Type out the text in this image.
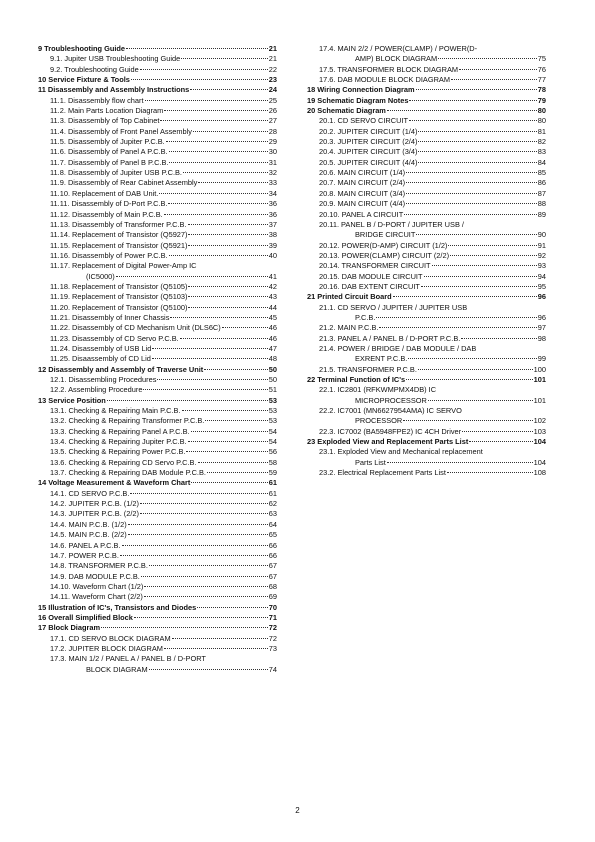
9 Troubleshooting Guide	21
9.1. Jupiter USB Troubleshooting Guide	21
9.2. Troubleshooting Guide	22
10 Service Fixture & Tools	23
11 Disassembly and Assembly Instructions	24
11.1. Disassembly flow chart	25
11.2. Main Parts Location Diagram	26
11.3. Disassembly of Top Cabinet	27
11.4. Disassembly of Front Panel Assembly	28
11.5. Disassembly of Jupiter P.C.B.	29
11.6. Disassembly of Panel A P.C.B.	30
11.7. Disassembly of Panel B P.C.B.	31
11.8. Disassembly of Jupiter USB P.C.B.	32
11.9. Disassembly of Rear Cabinet Assembly	33
11.10. Replacement of DAB Unit.	34
11.11. Disassembly of D-Port P.C.B.	36
11.12. Disassembly of Main P.C.B.	36
11.13. Disassembly of Transformer P.C.B.	37
11.14. Replacement of Transistor (Q5927)	38
11.15. Replacement of Transistor (Q5921)	39
11.16. Disassembly of Power P.C.B.	40
11.17. Replacement of Digital Power-Amp IC
(IC5000)	41
11.18. Replacement of Transistor (Q5105)	42
11.19. Replacement of Transistor (Q5103)	43
11.20. Replacement of Transistor (Q5100)	44
11.21. Disassembly of Inner Chassis	45
11.22. Disassembly of CD Mechanism Unit (DLS6C)	46
11.23. Disassembly of CD Servo P.C.B.	46
11.24. Disassembly of USB Lid	47
11.25. Disaassembly of CD Lid	48
12 Disassembly and Assembly of Traverse Unit	50
12.1. Disassembling Procedures	50
12.2. Assembling Procedure	51
13 Service Position	53
13.1. Checking & Repairing Main P.C.B.	53
13.2. Checking & Repairing Transformer P.C.B.	53
13.3. Checking & Repairing Panel A P.C.B.	54
13.4. Checking & Repairing Jupiter P.C.B.	54
13.5. Checking & Repairing Power P.C.B.	56
13.6. Checking & Repairing CD Servo P.C.B.	58
13.7. Checking & Repairing DAB Module P.C.B.	59
14 Voltage Measurement & Waveform Chart	61
14.1. CD SERVO P.C.B.	61
14.2. JUPITER P.C.B. (1/2)	62
14.3. JUPITER P.C.B. (2/2)	63
14.4. MAIN P.C.B. (1/2)	64
14.5. MAIN P.C.B. (2/2)	65
14.6. PANEL A P.C.B.	66
14.7. POWER P.C.B.	66
14.8. TRANSFORMER P.C.B.	67
14.9. DAB MODULE P.C.B.	67
14.10. Waveform Chart (1/2)	68
14.11. Waveform Chart (2/2)	69
15 Illustration of IC's, Transistors and Diodes	70
16 Overall Simplified Block	71
17 Block Diagram	72
17.1. CD SERVO BLOCK DIAGRAM	72
17.2. JUPITER BLOCK DIAGRAM	73
17.3. MAIN 1/2 / PANEL A / PANEL B / D-PORT
BLOCK DIAGRAM	74
17.4. MAIN 2/2 / POWER(CLAMP) / POWER(D-
AMP) BLOCK DIAGRAM	75
17.5. TRANSFORMER BLOCK DIAGRAM	76
17.6. DAB MODULE BLOCK DIAGRAM	77
18 Wiring Connection Diagram	78
19 Schematic Diagram Notes	79
20 Schematic Diagram	80
20.1. CD SERVO CIRCUIT	80
20.2. JUPITER CIRCUIT (1/4)	81
20.3. JUPITER CIRCUIT (2/4)	82
20.4. JUPITER CIRCUIT (3/4)	83
20.5. JUPITER CIRCUIT (4/4)	84
20.6. MAIN CIRCUIT (1/4)	85
20.7. MAIN CIRCUIT (2/4)	86
20.8. MAIN CIRCUIT (3/4)	87
20.9. MAIN CIRCUIT (4/4)	88
20.10. PANEL A CIRCUIT	89
20.11. PANEL B / D-PORT / JUPITER USB /
BRIDGE CIRCUIT	90
20.12. POWER(D-AMP) CIRCUIT (1/2)	91
20.13. POWER(CLAMP) CIRCUIT (2/2)	92
20.14. TRANSFORMER CIRCUIT	93
20.15. DAB MODULE CIRCUIT	94
20.16. DAB EXTENT CIRCUIT	95
21 Printed Circuit Board	96
21.1. CD SERVO / JUPITER / JUPITER USB
P.C.B.	96
21.2. MAIN P.C.B.	97
21.3. PANEL A / PANEL B / D-PORT P.C.B.	98
21.4. POWER / BRIDGE / DAB MODULE / DAB
EXRENT P.C.B.	99
21.5. TRANSFORMER P.C.B.	100
22 Terminal Function of IC's	101
22.1. IC2801 (RFKWMPMX4DB) IC
MICROPROCESSOR	101
22.2. IC7001 (MN6627954AMA) IC SERVO
PROCESSOR	102
22.3. IC7002 (BA5948FPE2) IC 4CH Driver	103
23 Exploded View and Replacement Parts List	104
23.1. Exploded View and Mechanical replacement
Parts List	104
23.2. Electrical Replacement Parts List	108
2
